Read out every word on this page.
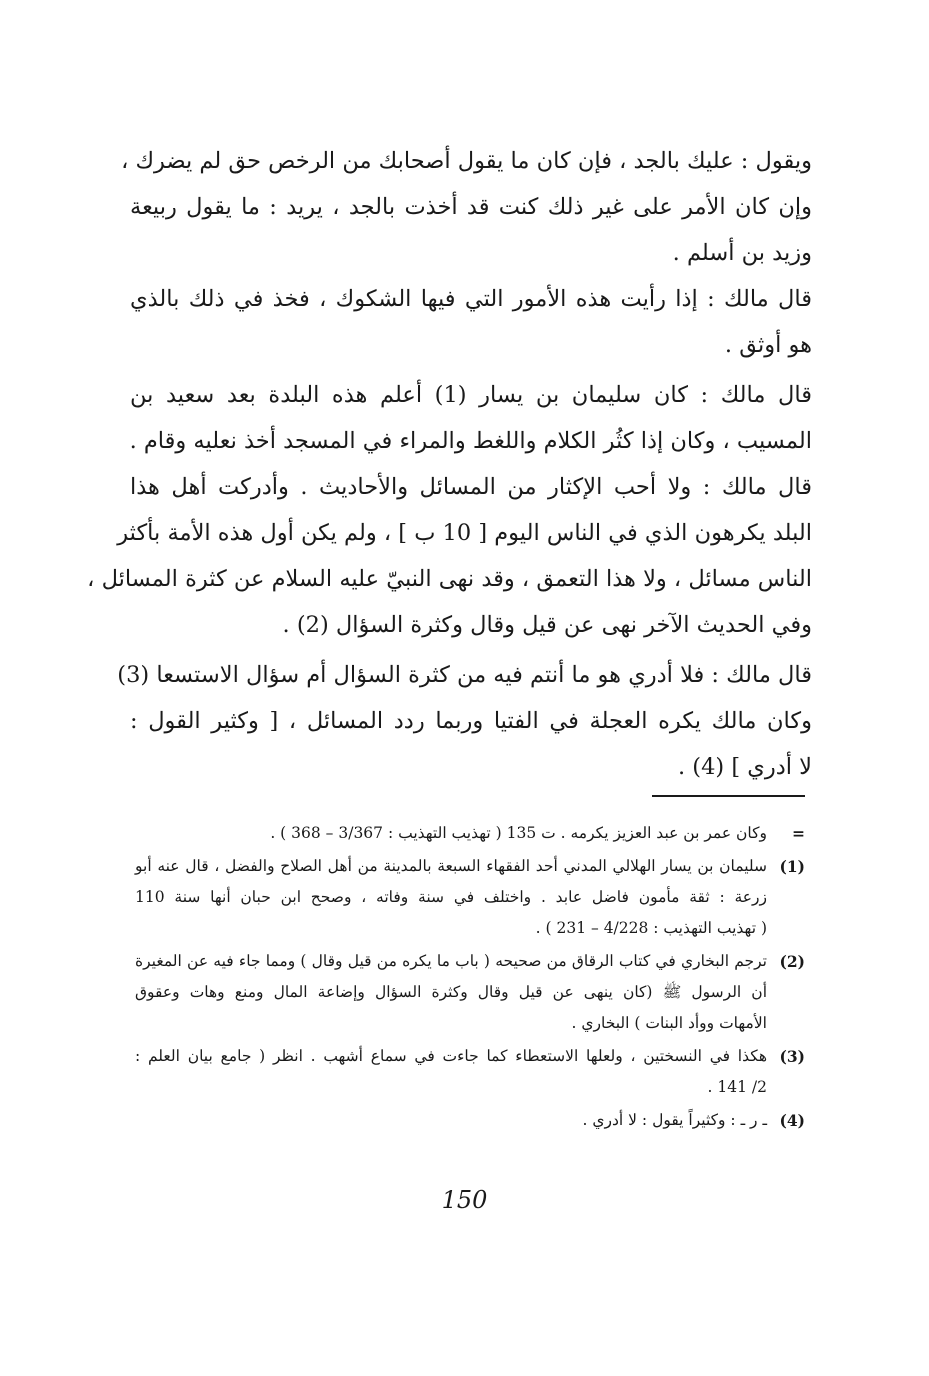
ويقول : عليك بالجد ، فإن كان ما يقول أصحابك من الرخص حق لم يضرك ،
وإن كان الأمر على غير ذلك كنت قد أخذت بالجد ، يريد : ما يقول ربيعة
وزيد بن أسلم .
قال مالك : إذا رأيت هذه الأمور التي فيها الشكوك ، فخذ في ذلك بالذي
هو أوثق .
قال مالك : كان سليمان بن يسار (1) أعلم هذه البلدة بعد سعيد بن
المسيب ، وكان إذا كثُر الكلام واللغط والمراء في المسجد أخذ نعليه وقام .
قال مالك : ولا أحب الإكثار من المسائل والأحاديث . وأدركت أهل هذا
البلد يكرهون الذي في الناس اليوم [ 10 ب ] ، ولم يكن أول هذه الأمة بأكثر
الناس مسائل ، ولا هذا التعمق ، وقد نهى النبيّ عليه السلام عن كثرة المسائل ،
وفي الحديث الآخر نهى عن قيل وقال وكثرة السؤال (2) .
قال مالك : فلا أدري هو ما أنتم فيه من كثرة السؤال أم سؤال الاستسعا (3)
وكان مالك يكره العجلة في الفتيا وربما ردد المسائل ، [ وكثير القول :
لا أدري ] (4) .
=
وكان عمر بن عبد العزيز يكرمه . ت 135 ( تهذيب التهذيب : 3/367 – 368 ) .
(1)
سليمان بن يسار الهلالي المدني أحد الفقهاء السبعة بالمدينة من أهل الصلاح والفضل ، قال عنه أبو
زرعة : ثقة مأمون فاضل عابد . واختلف في سنة وفاته ، وصحح ابن حبان أنها سنة 110
( تهذيب التهذيب : 4/228 – 231 ) .
(2)
ترجم البخاري في كتاب الرقاق من صحيحه ( باب ما يكره من قيل وقال ) ومما جاء فيه عن المغيرة
أن الرسول ﷺ (كان ينهى عن قيل وقال وكثرة السؤال وإضاعة المال ومنع وهات وعقوق
الأمهات ووأد البنات ) البخاري .
(3)
هكذا في النسختين ، ولعلها الاستعطاء كما جاءت في سماع أشهب . انظر ( جامع بيان العلم :
2/ 141 .
(4)
ـ ر ـ : وكثيراً يقول : لا أدري .
150
